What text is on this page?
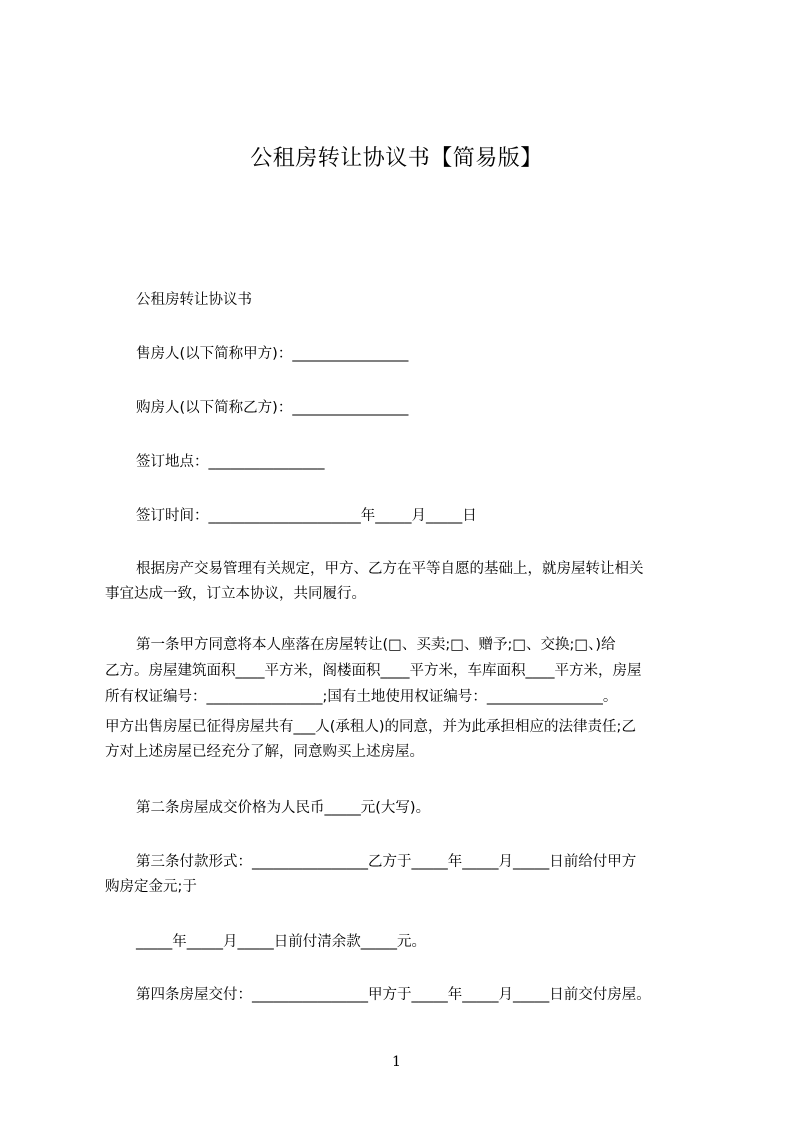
公租房转让协议书【简易版】
公租房转让协议书
售房人(以下简称甲方)：________________
购房人(以下简称乙方)：________________
签订地点：________________
签订时间：_____________________年_____月_____日
根据房产交易管理有关规定，甲方、乙方在平等自愿的基础上，就房屋转让相关
事宜达成一致，订立本协议，共同履行。
第一条甲方同意将本人座落在房屋转让(□、买卖;□、赠予;□、交换;□、)给
乙方。房屋建筑面积____平方米，阁楼面积____平方米，车库面积____平方米，房屋
所有权证编号：________________;国有土地使用权证编号：________________。
甲方出售房屋已征得房屋共有___人(承租人)的同意，并为此承担相应的法律责任;乙
方对上述房屋已经充分了解，同意购买上述房屋。
第二条房屋成交价格为人民币_____元(大写)。
第三条付款形式：________________乙方于_____年_____月_____日前给付甲方
购房定金元;于
_____年_____月_____日前付清余款_____元。
第四条房屋交付：________________甲方于_____年_____月_____日前交付房屋。
1
